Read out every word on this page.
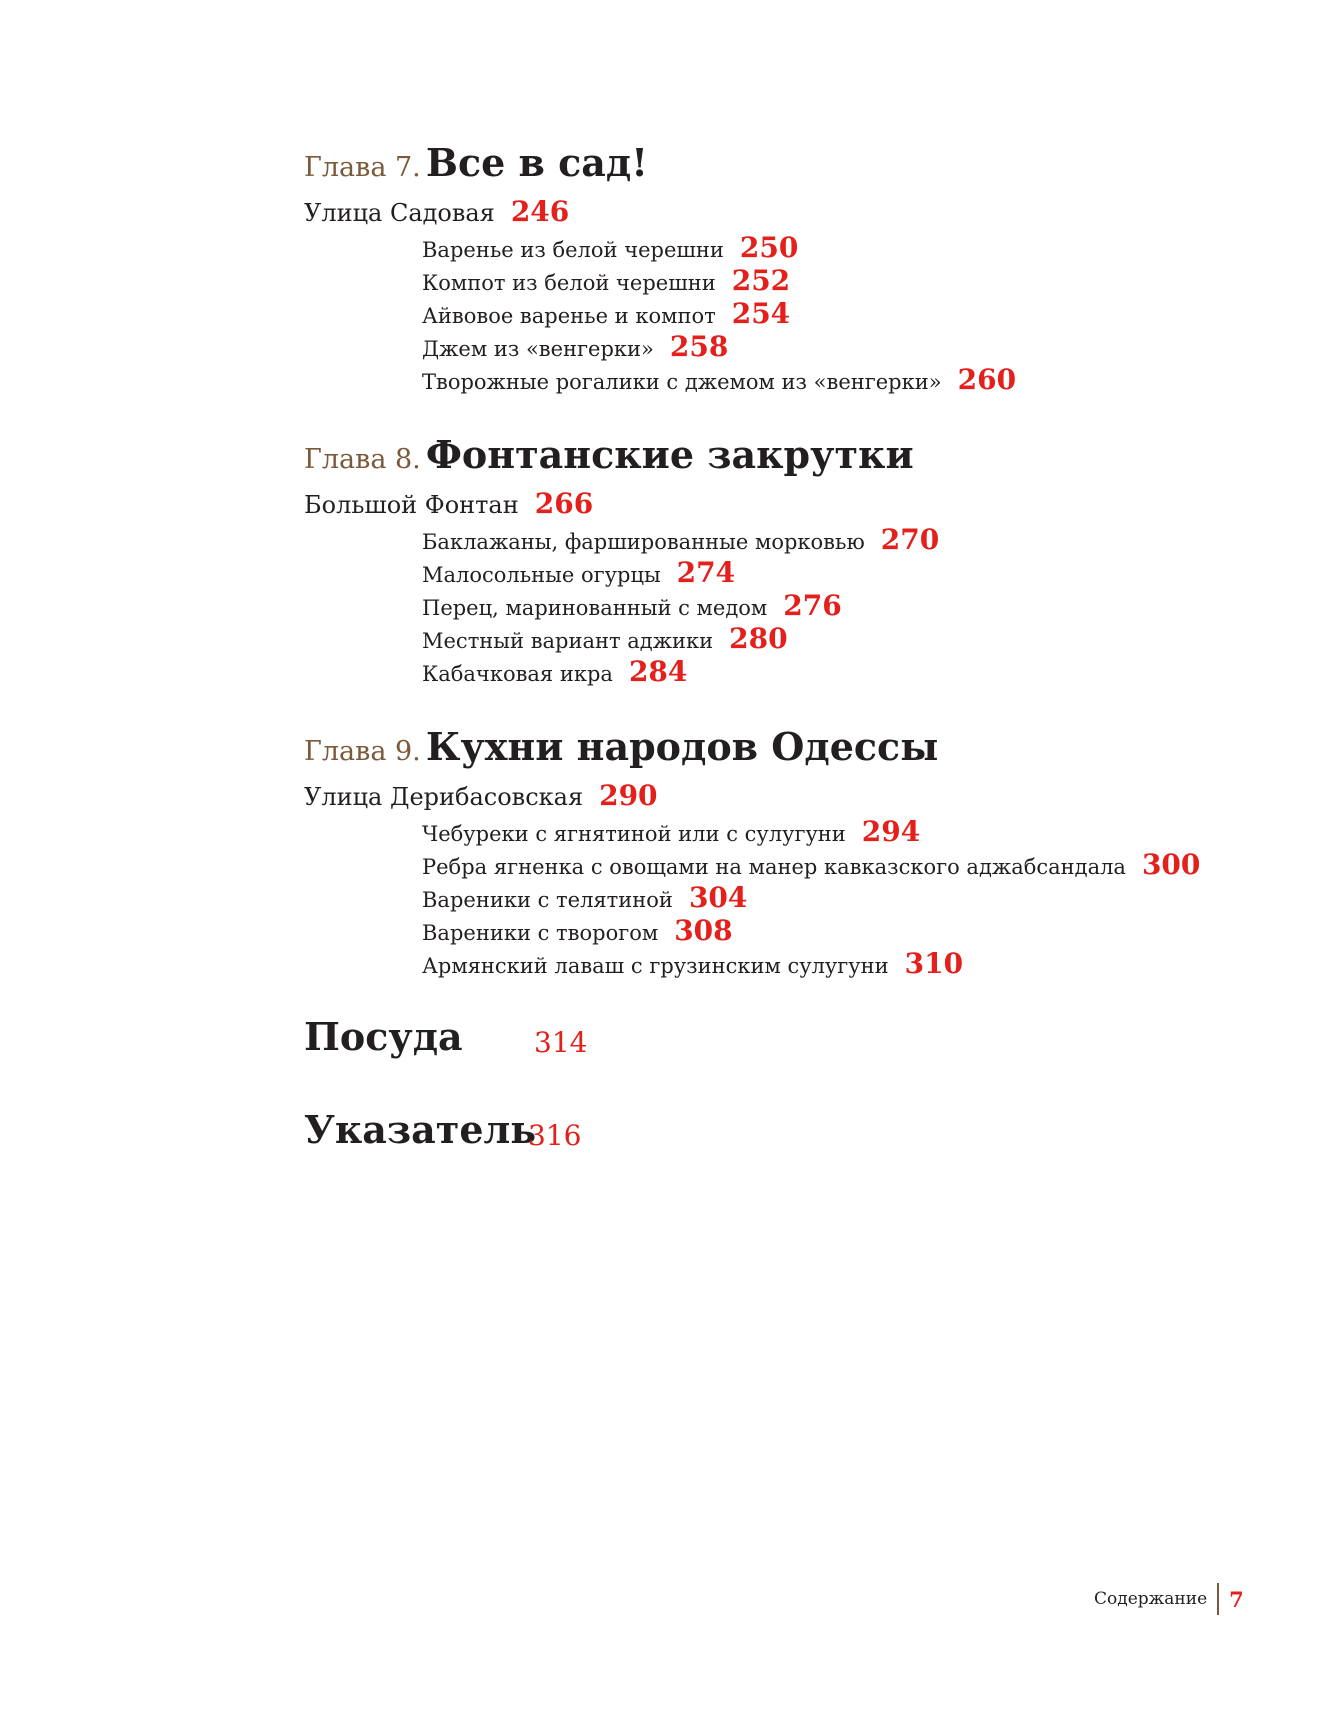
Глава 7. Все в сад!
Улица Садовая 246
Варенье из белой черешни 250
Компот из белой черешни 252
Айвовое варенье и компот 254
Джем из «венгерки» 258
Творожные рогалики с джемом из «венгерки» 260
Глава 8. Фонтанские закрутки
Большой Фонтан 266
Баклажаны, фаршированные морковью 270
Малосольные огурцы 274
Перец, маринованный с медом 276
Местный вариант аджики 280
Кабачковая икра 284
Глава 9. Кухни народов Одессы
Улица Дерибасовская 290
Чебуреки с ягнятиной или с сулугуни 294
Ребра ягненка с овощами на манер кавказского аджабсандала 300
Вареники с телятиной 304
Вареники с творогом 308
Армянский лаваш с грузинским сулугуни 310
Посуда	314
Указатель
316
Содержание 7
